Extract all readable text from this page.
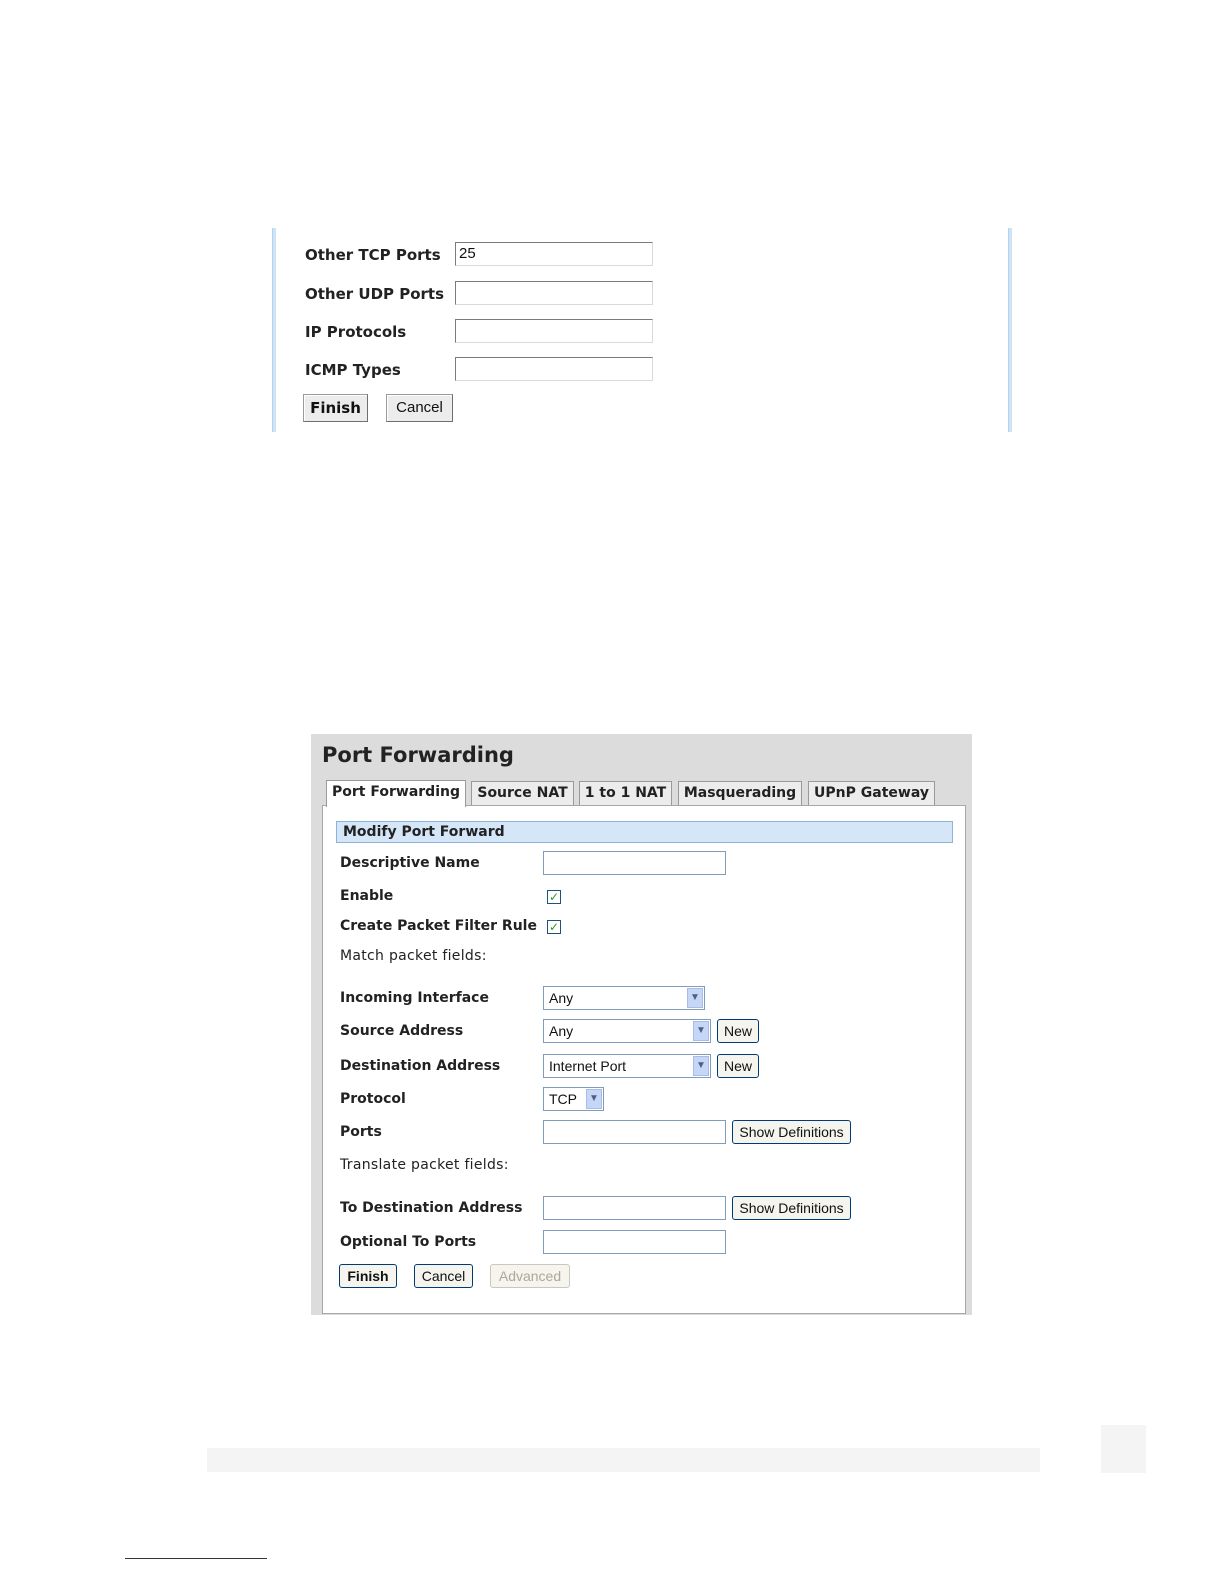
Other TCP Ports 25
Other UDP Ports
IP Protocols
ICMP Types
Finish	Cancel
Port Forwarding
Port Forwarding	Source NAT	1 to 1 NAT	Masquerading	UPnP Gateway
Modify Port Forward
Descriptive Name
Enable	✓
Create Packet Filter Rule ✓
Match packet fields:
Incoming Interface	Any	▼
Source Address	Any	▼	New
Destination Address	Internet Port	▼	New
Protocol	TCP	▼
Ports	Show Definitions
Translate packet fields:
To Destination Address	Show Definitions
Optional To Ports
Finish	Cancel	Advanced
